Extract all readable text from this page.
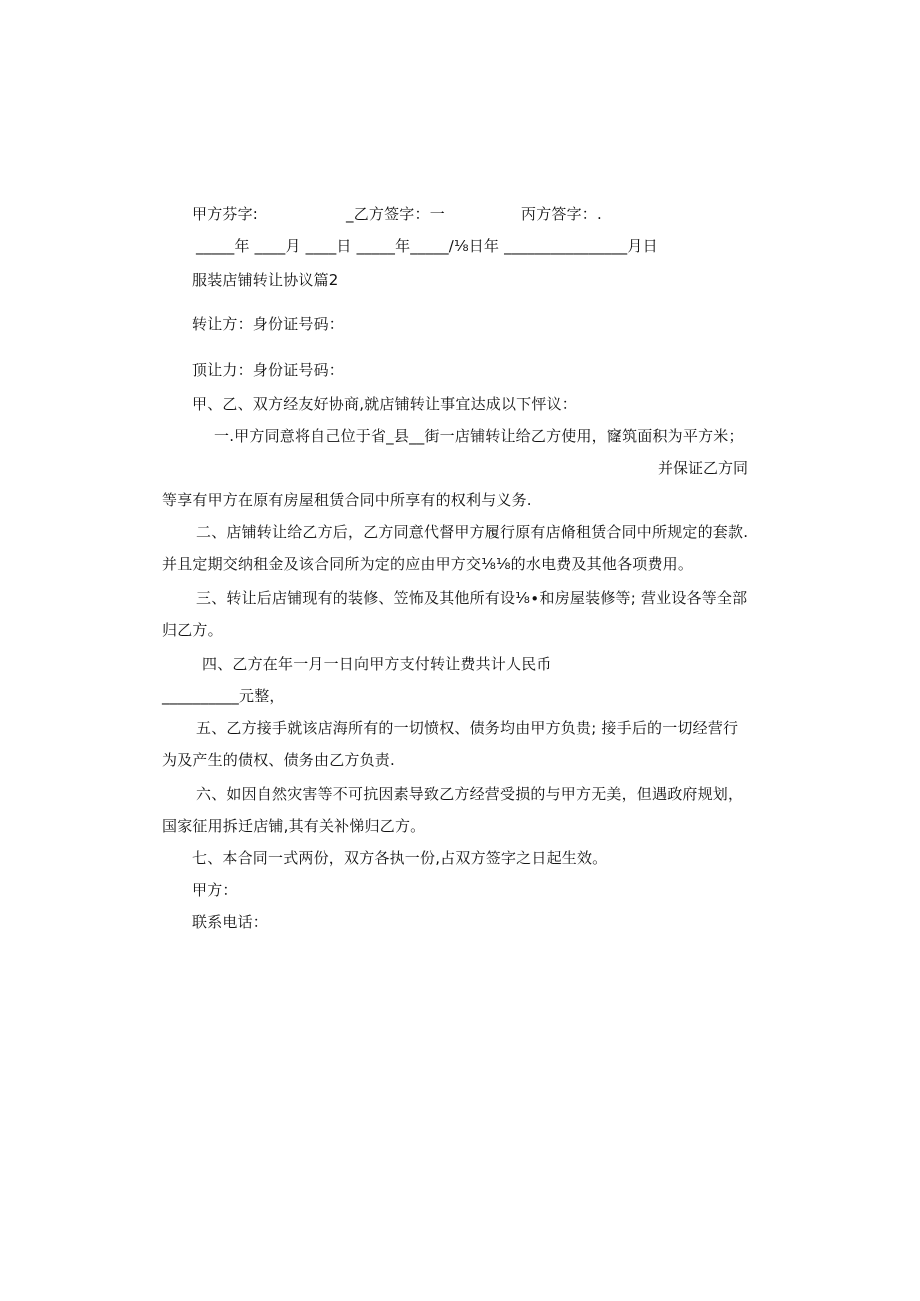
甲方芬字:	_乙方签字：一	丙方答字：.
_____年 ____月 ____日 _____年_____∕⅛日年 ________________月日
服装店铺转让协议篇2
转让方：身份证号码：
顶让力：身份证号码：
甲、乙、双方经友好协商,就店铺转让事宜达成以下怦议：
一.甲方同意将自己位于省_县__街一店铺转让给乙方使用，窿筑面积为平方米；
并保证乙方同
等享有甲方在原有房屋租赁合同中所享有的权利与义务.
二、店铺转让给乙方后，乙方同意代督甲方履行原有店脩租赁合同中所规定的套款.
并且定期交纳租金及该合同所为定的应由甲方交⅛⅛的水电费及其他各项费用。
三、转让后店铺现有的装修、笠怖及其他所有设⅛∙和房屋装修等; 营业设各等全部
归乙方。
四、乙方在年一月一日向甲方支付转让费共计人民币
__________元整，
五、乙方接手就该店海所有的一切愤权、债务均由甲方负贵; 接手后的一切经营行
为及产生的债权、债务由乙方负责.
六、如因自然灾害等不可抗因素导致乙方经营受损的与甲方无美，但遇政府规划，
国家征用拆迁店铺,其有关补悌归乙方。
七、本合同一式两份，双方各执一份,占双方签字之日起生效。
甲方：
联系电话：
